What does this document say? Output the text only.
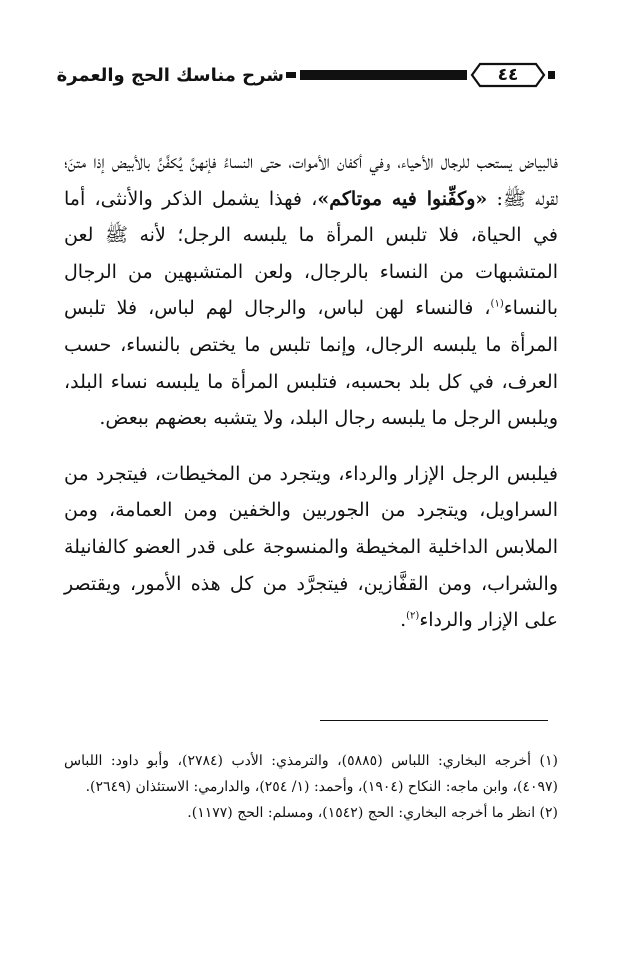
شرح مناسك الحج والعمرة	٤٤

فالبياض يستحب للرجال الأحياء، وفي أكفان الأموات، حتى النساءُ فإنهنَّ يُكفَّنَّ بالأبيض إذا متنَ؛ لقوله ﷺ: «وكفِّنوا فيه موتاكم»، فهذا يشمل الذكر والأنثى، أما في الحياة، فلا تلبس المرأة ما يلبسه الرجل؛ لأنه ﷺ لعن المتشبهات من النساء بالرجال، ولعن المتشبهين من الرجال بالنساء$^{(١)}$، فالنساء لهن لباس، والرجال لهم لباس، فلا تلبس المرأة ما يلبسه الرجال، وإنما تلبس ما يختص بالنساء، حسب العرف، في كل بلد بحسبه، فتلبس المرأة ما يلبسه نساء البلد، ويلبس الرجل ما يلبسه رجال البلد، ولا يتشبه بعضهم ببعض.

فيلبس الرجل الإزار والرداء، ويتجرد من المخيطات، فيتجرد من السراويل، ويتجرد من الجوربين والخفين ومن العمامة، ومن الملابس الداخلية المخيطة والمنسوجة على قدر العضو كالفانيلة والشراب، ومن القفَّازين، فيتجرَّد من كل هذه الأمور، ويقتصر على الإزار والرداء$^{(٢)}$.

(١) أخرجه البخاري: اللباس (٥٨٨٥)، والترمذي: الأدب (٢٧٨٤)، وأبو داود: اللباس (٤٠٩٧)، وابن ماجه: النكاح (١٩٠٤)، وأحمد: (١/ ٢٥٤)، والدارمي: الاستئذان (٢٦٤٩).

(٢) انظر ما أخرجه البخاري: الحج (١٥٤٢)، ومسلم: الحج (١١٧٧).
